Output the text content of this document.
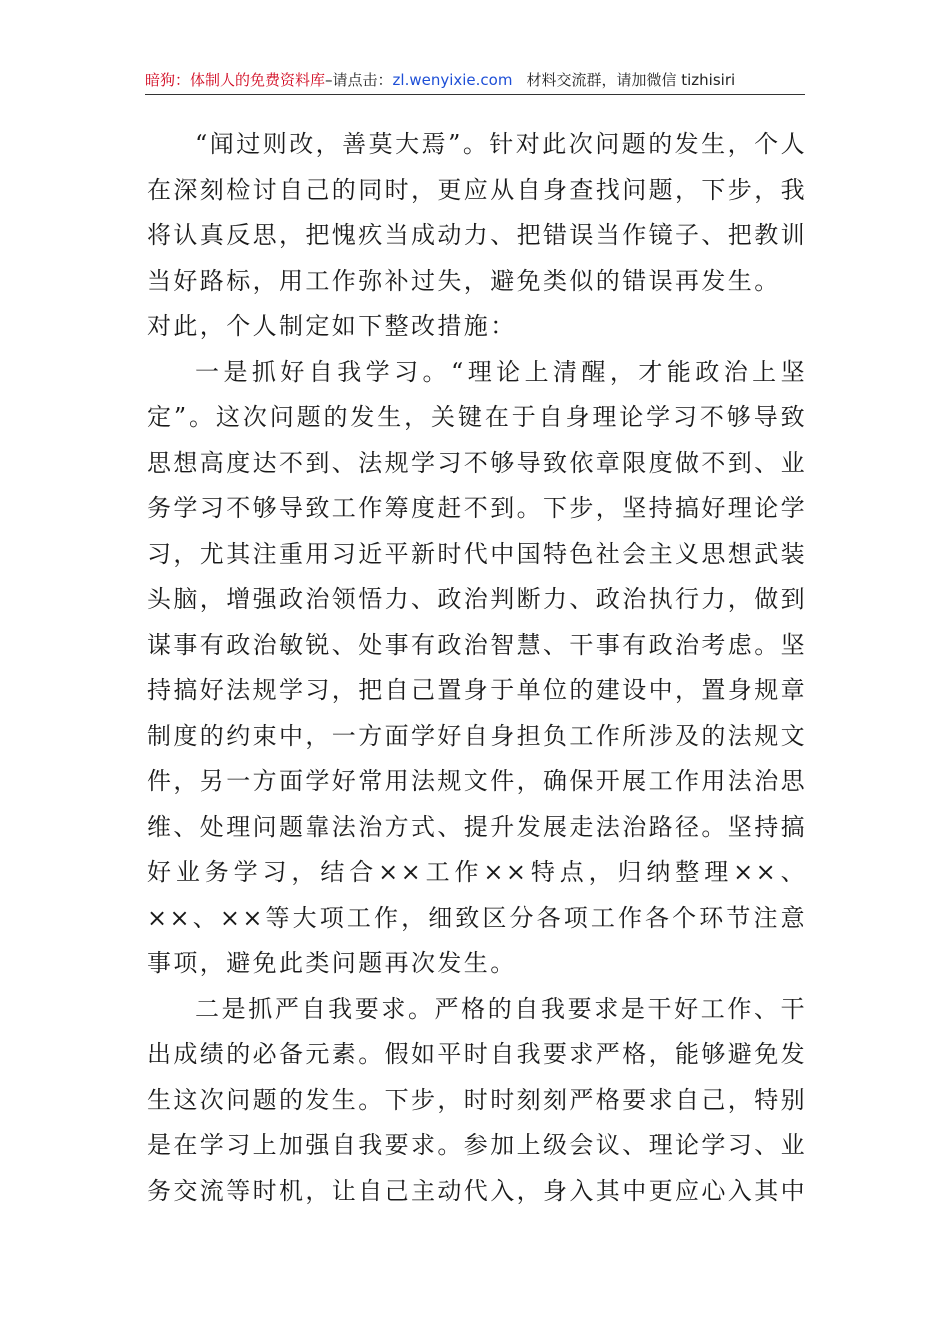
暗狗：体制人的免费资料库–请点击：zl.wenyixie.com 材料交流群，请加微信 tizhisiri

“闻过则改，善莫大焉”。针对此次问题的发生，个人在深刻检讨自己的同时，更应从自身查找问题，下步，我将认真反思，把愧疚当成动力、把错误当作镜子、把教训当好路标，用工作弥补过失，避免类似的错误再发生。

对此，个人制定如下整改措施：

一是抓好自我学习。“理论上清醒，才能政治上坚定”。这次问题的发生，关键在于自身理论学习不够导致思想高度达不到、法规学习不够导致依章限度做不到、业务学习不够导致工作筹度赶不到。下步，坚持搞好理论学习，尤其注重用习近平新时代中国特色社会主义思想武装头脑，增强政治领悟力、政治判断力、政治执行力，做到谋事有政治敏锐、处事有政治智慧、干事有政治考虑。坚持搞好法规学习，把自己置身于单位的建设中，置身规章制度的约束中，一方面学好自身担负工作所涉及的法规文件，另一方面学好常用法规文件，确保开展工作用法治思维、处理问题靠法治方式、提升发展走法治路径。坚持搞好业务学习，结合××工作××特点，归纳整理××、××、××等大项工作，细致区分各项工作各个环节注意事项，避免此类问题再次发生。

二是抓严自我要求。严格的自我要求是干好工作、干出成绩的必备元素。假如平时自我要求严格，能够避免发生这次问题的发生。下步，时时刻刻严格要求自己，特别是在学习上加强自我要求。参加上级会议、理论学习、业务交流等时机，让自己主动代入，身入其中更应心入其中
